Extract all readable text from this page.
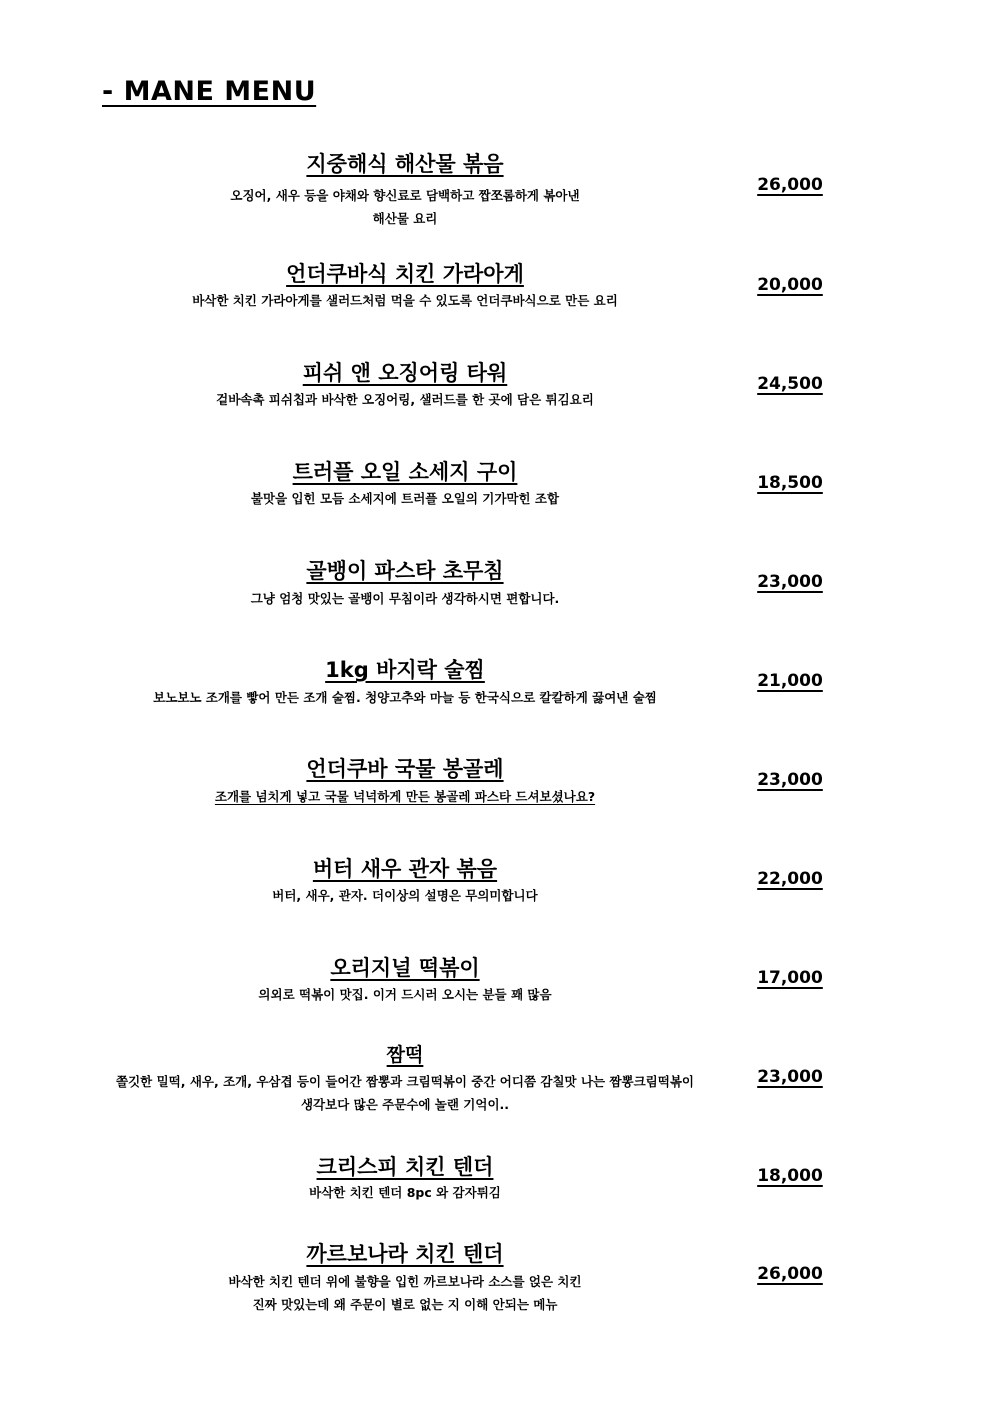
- MANE MENU
지중해식 해산물 볶음
오징어, 새우 등을 야채와 향신료로 담백하고 짭쪼롬하게 볶아낸
해산물 요리
26,000
언더쿠바식 치킨 가라아게
바삭한 치킨 가라아게를 샐러드처럼 먹을 수 있도록 언더쿠바식으로 만든 요리
20,000
피쉬 앤 오징어링 타워
겉바속촉 피쉬칩과 바삭한 오징어링, 샐러드를 한 곳에 담은 튀김요리
24,500
트러플 오일 소세지 구이
불맛을 입힌 모듬 소세지에 트러플 오일의 기가막힌 조합
18,500
골뱅이 파스타 초무침
그냥 엄청 맛있는 골뱅이 무침이라 생각하시면 편합니다.
23,000
1kg 바지락 술찜
보노보노 조개를 빻어 만든 조개 술찜. 청양고추와 마늘 등 한국식으로 칼칼하게 끓여낸 술찜
21,000
언더쿠바 국물 봉골레
조개를 넘치게 넣고 국물 넉넉하게 만든 봉골레 파스타 드셔보셨나요?
23,000
버터 새우 관자 볶음
버터, 새우, 관자. 더이상의 설명은 무의미합니다
22,000
오리지널 떡볶이
의외로 떡볶이 맛집. 이거 드시러 오시는 분들 꽤 많음
17,000
짬떡
쫄깃한 밀떡, 새우, 조개, 우삼겹 등이 들어간 짬뽕과 크림떡볶이 중간 어디쯤 감칠맛 나는 짬뽕크림떡볶이
생각보다 많은 주문수에 놀랜 기억이..
23,000
크리스피 치킨 텐더
바삭한 치킨 텐더 8pc 와 감자튀김
18,000
까르보나라 치킨 텐더
바삭한 치킨 텐더 위에 불향을 입힌 까르보나라 소스를 얹은 치킨
진짜 맛있는데 왜 주문이 별로 없는 지 이해 안되는 메뉴
26,000
